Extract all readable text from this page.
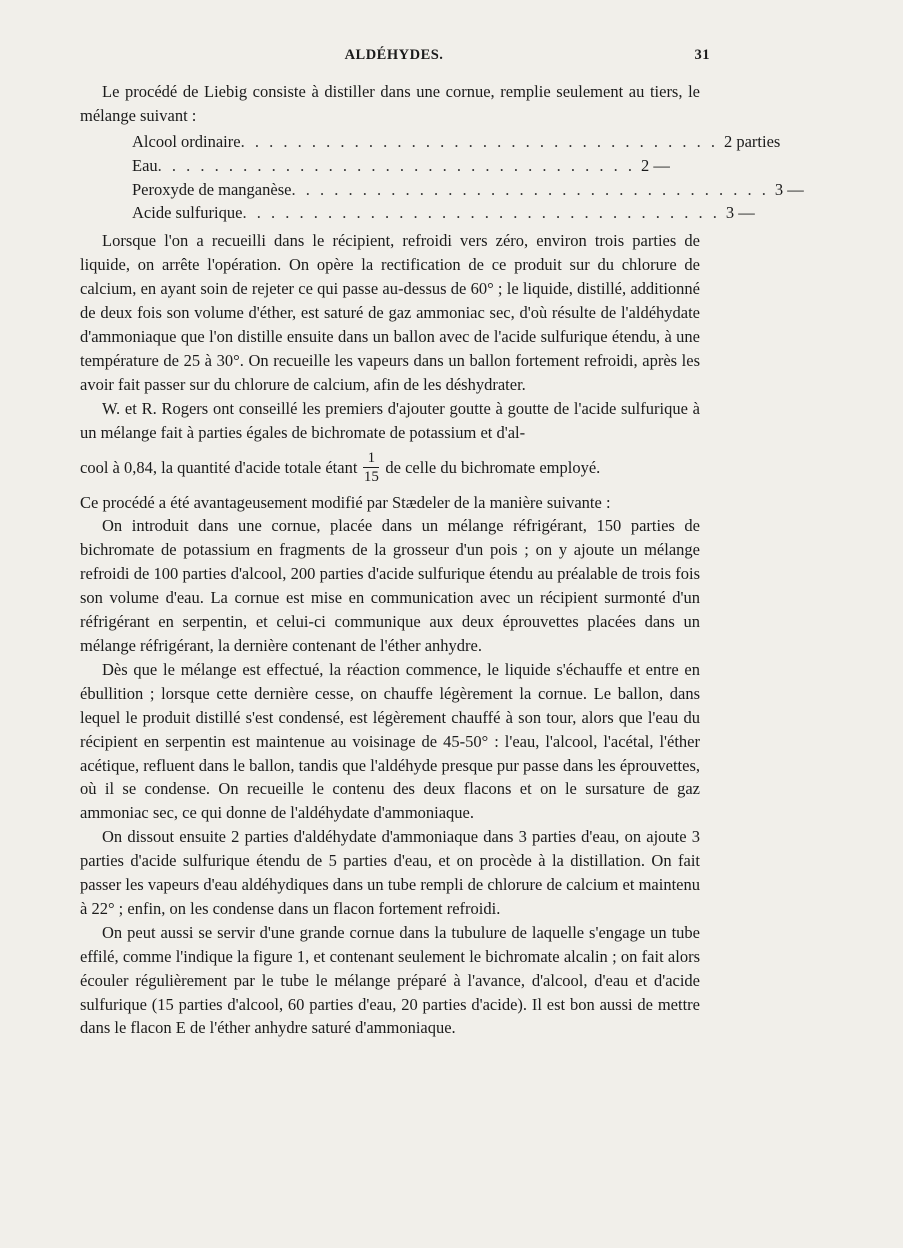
ALDÉHYDES.	31

Le procédé de Liebig consiste à distiller dans une cornue, remplie seulement au tiers, le mélange suivant :

Alcool ordinaire . . . . . . . . . . . . . . . . . . . . . . . . . . . . . . . . . . 2 parties
Eau . . . . . . . . . . . . . . . . . . . . . . . . . . . . . . . . . . 2 —
Peroxyde de manganèse . . . . . . . . . . . . . . . . . . . . . . . . . . . . . . . . . . 3 —
Acide sulfurique . . . . . . . . . . . . . . . . . . . . . . . . . . . . . . . . . . 3 —

Lorsque l'on a recueilli dans le récipient, refroidi vers zéro, environ trois parties de liquide, on arrête l'opération. On opère la rectification de ce produit sur du chlorure de calcium, en ayant soin de rejeter ce qui passe au-dessus de 60° ; le liquide, distillé, additionné de deux fois son volume d'éther, est saturé de gaz ammoniac sec, d'où résulte de l'aldéhydate d'ammoniaque que l'on distille ensuite dans un ballon avec de l'acide sulfurique étendu, à une température de 25 à 30°. On recueille les vapeurs dans un ballon fortement refroidi, après les avoir fait passer sur du chlorure de calcium, afin de les déshydrater.

W. et R. Rogers ont conseillé les premiers d'ajouter goutte à goutte de l'acide sulfurique à un mélange fait à parties égales de bichromate de potassium et d'al-

cool à 0,84, la quantité d'acide totale étant $\frac{1}{15}$ de celle du bichromate employé.

Ce procédé a été avantageusement modifié par Stædeler de la manière suivante :

On introduit dans une cornue, placée dans un mélange réfrigérant, 150 parties de bichromate de potassium en fragments de la grosseur d'un pois ; on y ajoute un mélange refroidi de 100 parties d'alcool, 200 parties d'acide sulfurique étendu au préalable de trois fois son volume d'eau. La cornue est mise en communication avec un récipient surmonté d'un réfrigérant en serpentin, et celui-ci communique aux deux éprouvettes placées dans un mélange réfrigérant, la dernière contenant de l'éther anhydre.

Dès que le mélange est effectué, la réaction commence, le liquide s'échauffe et entre en ébullition ; lorsque cette dernière cesse, on chauffe légèrement la cornue. Le ballon, dans lequel le produit distillé s'est condensé, est légèrement chauffé à son tour, alors que l'eau du récipient en serpentin est maintenue au voisinage de 45-50° : l'eau, l'alcool, l'acétal, l'éther acétique, refluent dans le ballon, tandis que l'aldéhyde presque pur passe dans les éprouvettes, où il se condense. On recueille le contenu des deux flacons et on le sursature de gaz ammoniac sec, ce qui donne de l'aldéhydate d'ammoniaque.

On dissout ensuite 2 parties d'aldéhydate d'ammoniaque dans 3 parties d'eau, on ajoute 3 parties d'acide sulfurique étendu de 5 parties d'eau, et on procède à la distillation. On fait passer les vapeurs d'eau aldéhydiques dans un tube rempli de chlorure de calcium et maintenu à 22° ; enfin, on les condense dans un flacon fortement refroidi.

On peut aussi se servir d'une grande cornue dans la tubulure de laquelle s'engage un tube effilé, comme l'indique la figure 1, et contenant seulement le bichromate alcalin ; on fait alors écouler régulièrement par le tube le mélange préparé à l'avance, d'alcool, d'eau et d'acide sulfurique (15 parties d'alcool, 60 parties d'eau, 20 parties d'acide). Il est bon aussi de mettre dans le flacon E de l'éther anhydre saturé d'ammoniaque.
